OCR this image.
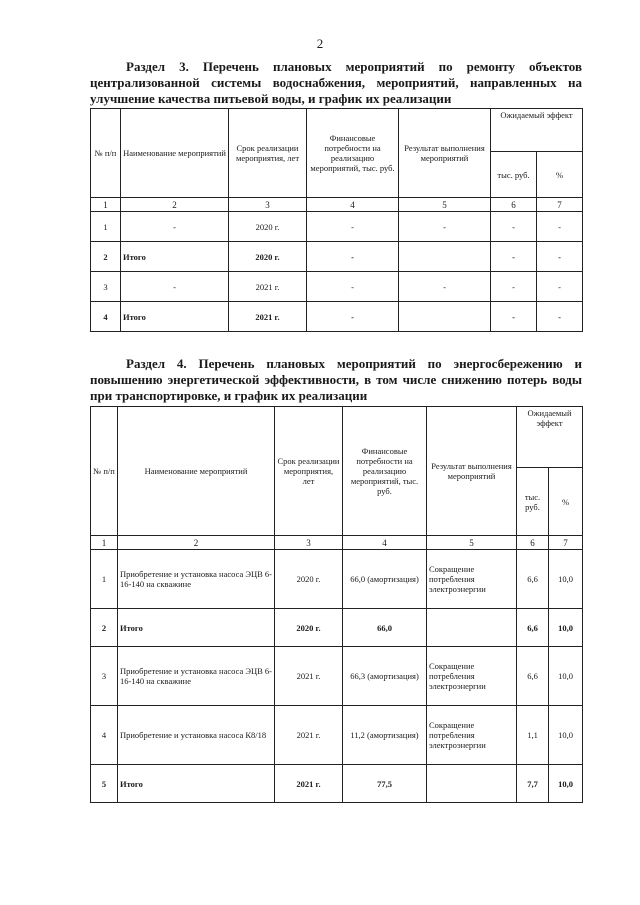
2
Раздел 3. Перечень плановых мероприятий по ремонту объектов централизованной системы водоснабжения, мероприятий, направленных на улучшение качества питьевой воды, и график их реализации
№ п/п	Наименование мероприятий	Срок реализации мероприятия, лет	Финансовые потребности на реализацию мероприятий, тыс. руб.	Результат выполнения мероприятий	Ожидаемый эффект	
					тыс. руб.	%
1	2	3	4	5	6	7
1	-	2020 г.	-	-	-	-
2	Итого	2020 г.	-		-	-
3	-	2021 г.	-	-	-	-
4	Итого	2021 г.	-		-	-
Раздел 4. Перечень плановых мероприятий по энергосбережению и повышению энергетической эффективности, в том числе снижению потерь воды при транспортировке, и график их реализации
№ п/п	Наименование мероприятий	Срок реализации мероприятия, лет	Финансовые потребности на реализацию мероприятий, тыс. руб.	Результат выполнения мероприятий	Ожидаемый эффект	
					тыс. руб.	%
1	2	3	4	5	6	7
1	Приобретение и установка насоса ЭЦВ 6-16-140 на скважине	2020 г.	66,0 (амортизация)	Сокращение потребления электроэнергии	6,6	10,0
2	Итого	2020 г.	66,0		6,6	10,0
3	Приобретение и установка насоса ЭЦВ 6-16-140 на скважине	2021 г.	66,3 (амортизация)	Сокращение потребления электроэнергии	6,6	10,0
4	Приобретение и установка насоса К8/18	2021 г.	11,2 (амортизация)	Сокращение потребления электроэнергии	1,1	10,0
5	Итого	2021 г.	77,5		7,7	10,0
